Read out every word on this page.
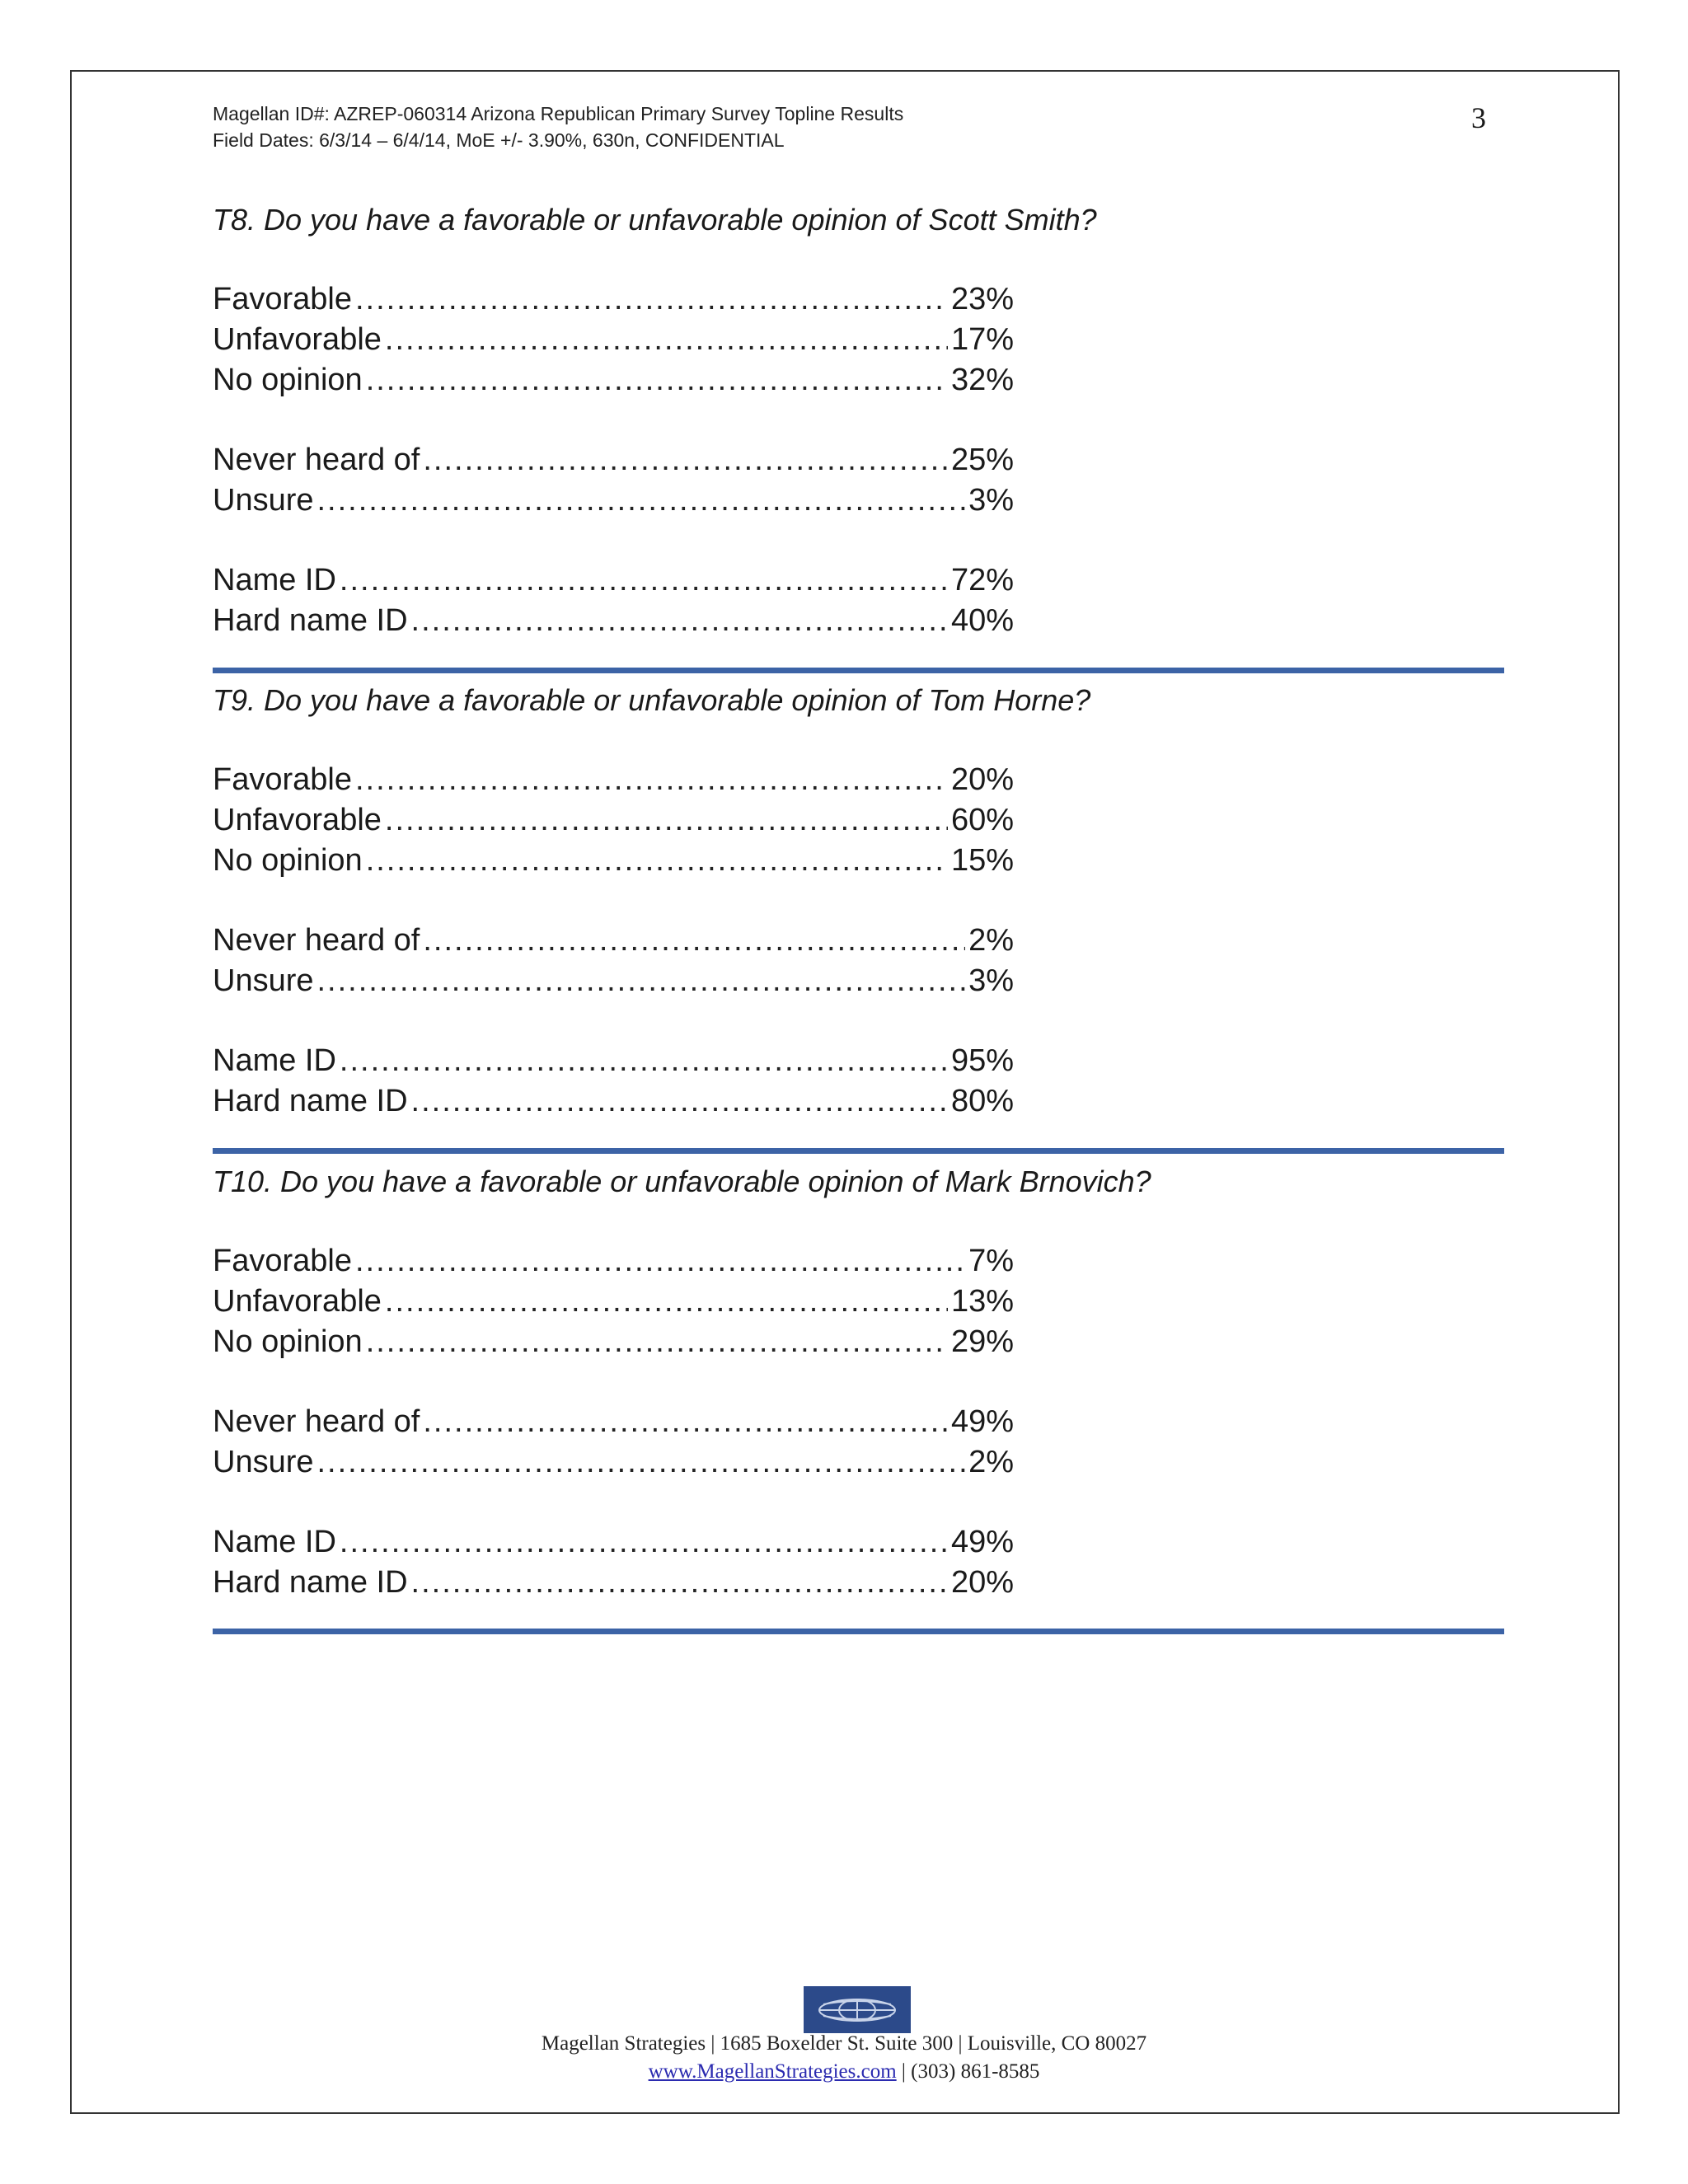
Magellan ID#: AZREP-060314 Arizona Republican Primary Survey Topline Results
Field Dates: 6/3/14 – 6/4/14, MoE +/- 3.90%, 630n, CONFIDENTIAL
3

T8. Do you have a favorable or unfavorable opinion of Scott Smith?

Favorable .....	23%
Unfavorable .....	17%
No opinion .....	32%
Never heard of .....	25%
Unsure .....	3%
Name ID .....	72%
Hard name ID .....	40%

T9. Do you have a favorable or unfavorable opinion of Tom Horne?

Favorable .....	20%
Unfavorable .....	60%
No opinion .....	15%
Never heard of .....	2%
Unsure .....	3%
Name ID .....	95%
Hard name ID .....	80%

T10. Do you have a favorable or unfavorable opinion of Mark Brnovich?

Favorable .....	7%
Unfavorable .....	13%
No opinion .....	29%
Never heard of .....	49%
Unsure .....	2%
Name ID .....	49%
Hard name ID .....	20%
Magellan Strategies | 1685 Boxelder St. Suite 300 | Louisville, CO 80027
www.MagellanStrategies.com | (303) 861-8585
